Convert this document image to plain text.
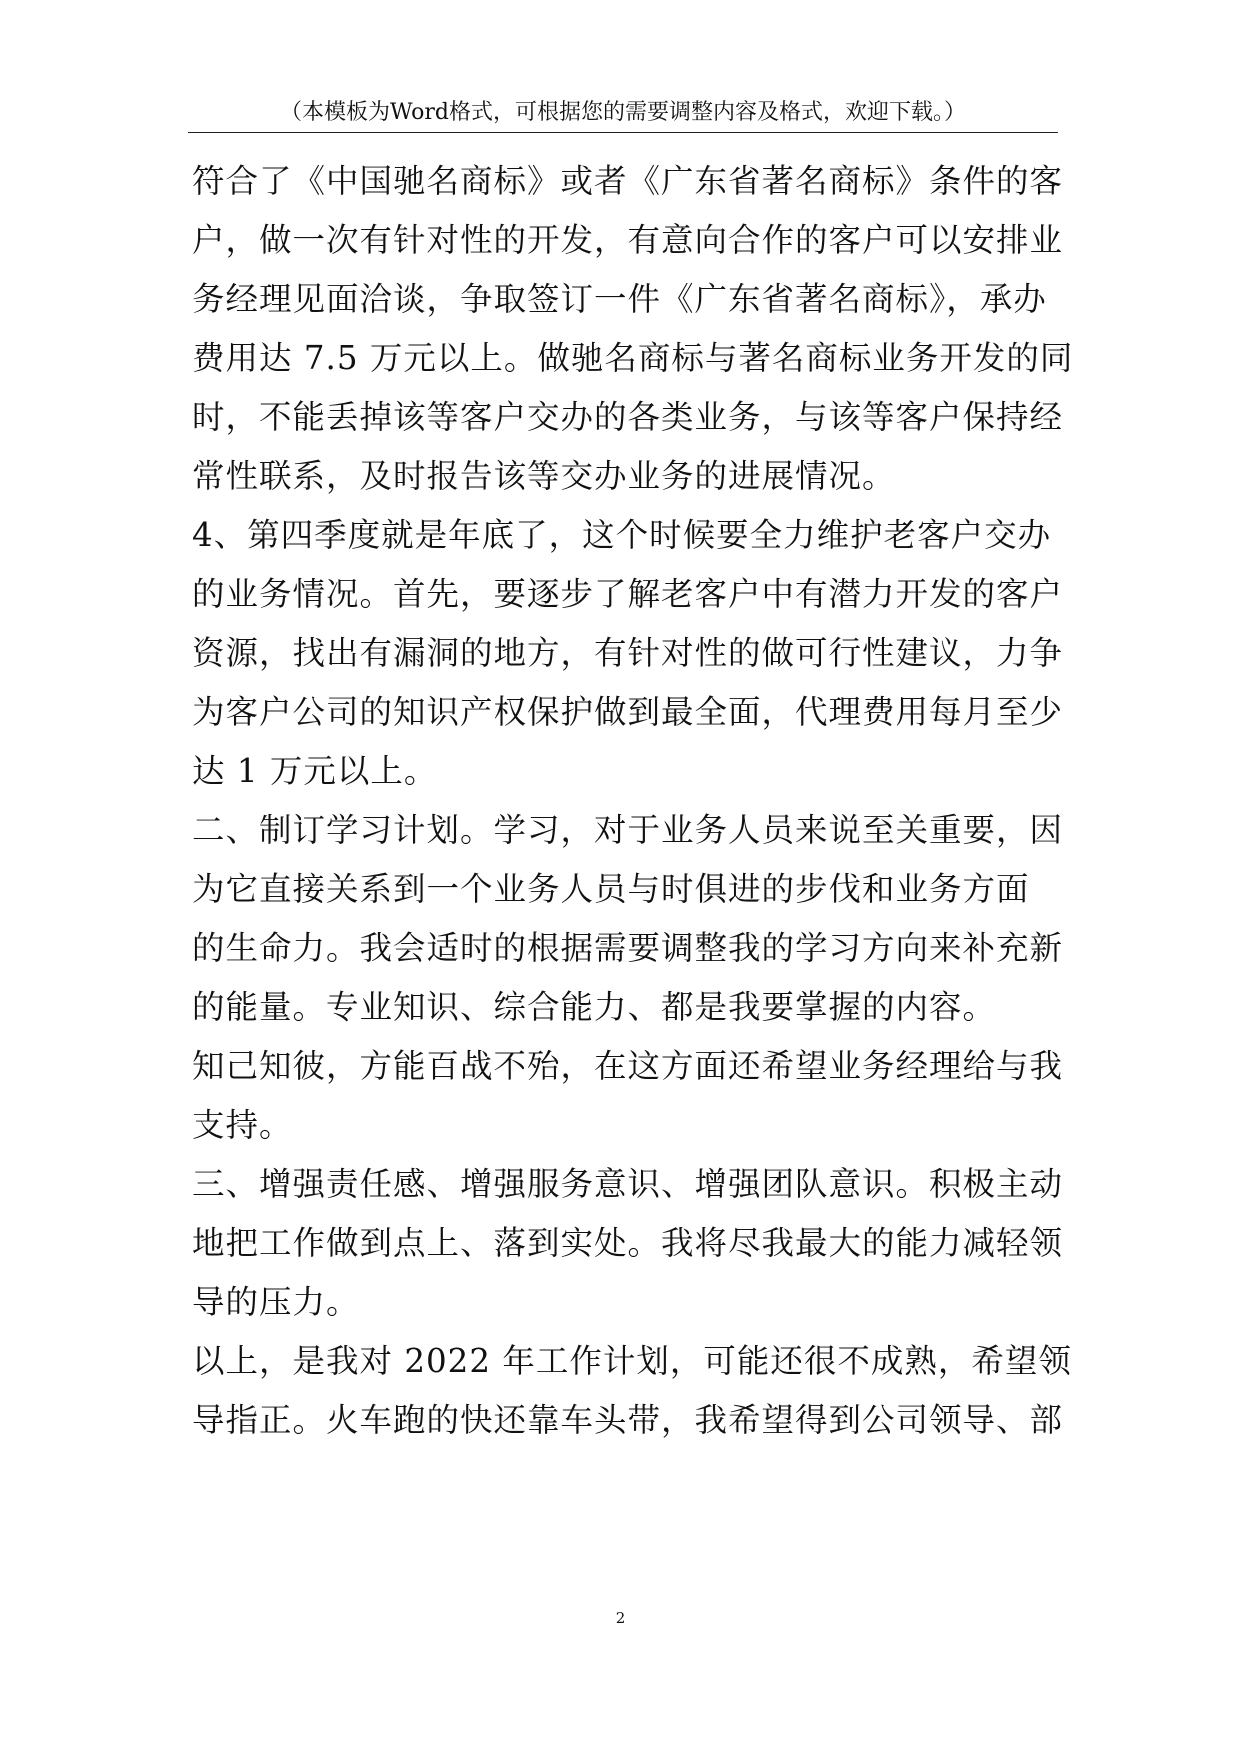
（本模板为Word格式，可根据您的需要调整内容及格式，欢迎下载。）
符合了《中国驰名商标》或者《广东省著名商标》条件的客
户，做一次有针对性的开发，有意向合作的客户可以安排业
务经理见面洽谈，争取签订一件《广东省著名商标》，承办
费用达 7.5 万元以上。做驰名商标与著名商标业务开发的同
时，不能丢掉该等客户交办的各类业务，与该等客户保持经
常性联系，及时报告该等交办业务的进展情况。
4、第四季度就是年底了，这个时候要全力维护老客户交办
的业务情况。首先，要逐步了解老客户中有潜力开发的客户
资源，找出有漏洞的地方，有针对性的做可行性建议，力争
为客户公司的知识产权保护做到最全面，代理费用每月至少
达 1 万元以上。
二、制订学习计划。学习，对于业务人员来说至关重要，因
为它直接关系到一个业务人员与时俱进的步伐和业务方面
的生命力。我会适时的根据需要调整我的学习方向来补充新
的能量。专业知识、综合能力、都是我要掌握的内容。
知己知彼，方能百战不殆，在这方面还希望业务经理给与我
支持。
三、增强责任感、增强服务意识、增强团队意识。积极主动
地把工作做到点上、落到实处。我将尽我最大的能力减轻领
导的压力。
以上，是我对 2022 年工作计划，可能还很不成熟，希望领
导指正。火车跑的快还靠车头带，我希望得到公司领导、部
2
